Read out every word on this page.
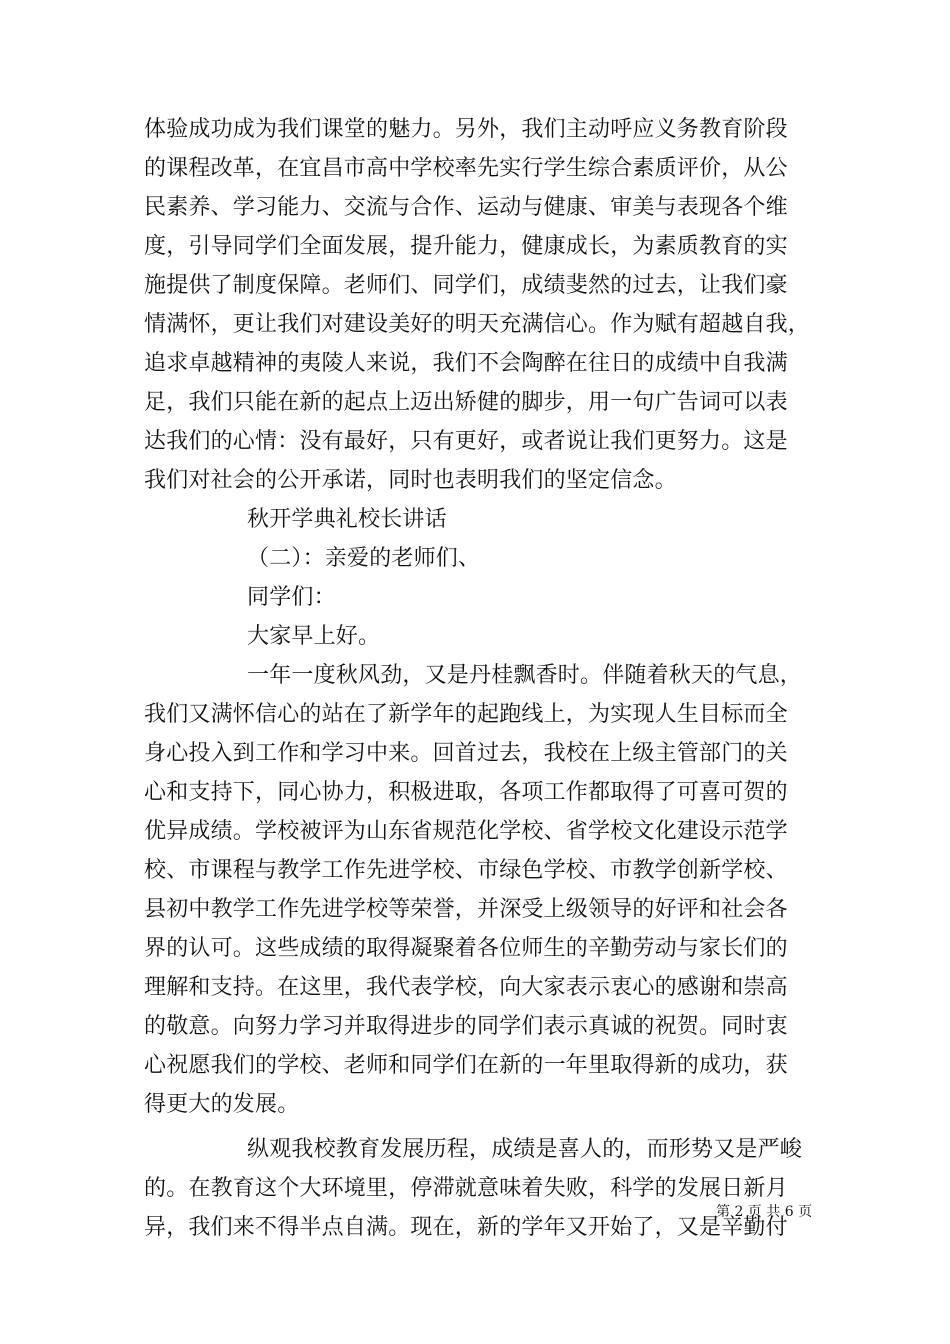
体验成功成为我们课堂的魅力。另外，我们主动呼应义务教育阶段
的课程改革，在宜昌市高中学校率先实行学生综合素质评价，从公
民素养、学习能力、交流与合作、运动与健康、审美与表现各个维
度，引导同学们全面发展，提升能力，健康成长，为素质教育的实
施提供了制度保障。老师们、同学们，成绩斐然的过去，让我们豪
情满怀，更让我们对建设美好的明天充满信心。作为赋有超越自我，
追求卓越精神的夷陵人来说，我们不会陶醉在往日的成绩中自我满
足，我们只能在新的起点上迈出矫健的脚步，用一句广告词可以表
达我们的心情：没有最好，只有更好，或者说让我们更努力。这是
我们对社会的公开承诺，同时也表明我们的坚定信念。
秋开学典礼校长讲话
（二）：亲爱的老师们、
同学们：
大家早上好。
一年一度秋风劲，又是丹桂飘香时。伴随着秋天的气息，
我们又满怀信心的站在了新学年的起跑线上，为实现人生目标而全
身心投入到工作和学习中来。回首过去，我校在上级主管部门的关
心和支持下，同心协力，积极进取，各项工作都取得了可喜可贺的
优异成绩。学校被评为山东省规范化学校、省学校文化建设示范学
校、市课程与教学工作先进学校、市绿色学校、市教学创新学校、
县初中教学工作先进学校等荣誉，并深受上级领导的好评和社会各
界的认可。这些成绩的取得凝聚着各位师生的辛勤劳动与家长们的
理解和支持。在这里，我代表学校，向大家表示衷心的感谢和崇高
的敬意。向努力学习并取得进步的同学们表示真诚的祝贺。同时衷
心祝愿我们的学校、老师和同学们在新的一年里取得新的成功，获
得更大的发展。
纵观我校教育发展历程，成绩是喜人的，而形势又是严峻
的。在教育这个大环境里，停滞就意味着失败，科学的发展日新月
异，我们来不得半点自满。现在，新的学年又开始了，又是辛勤付
第 2 页 共 6 页
